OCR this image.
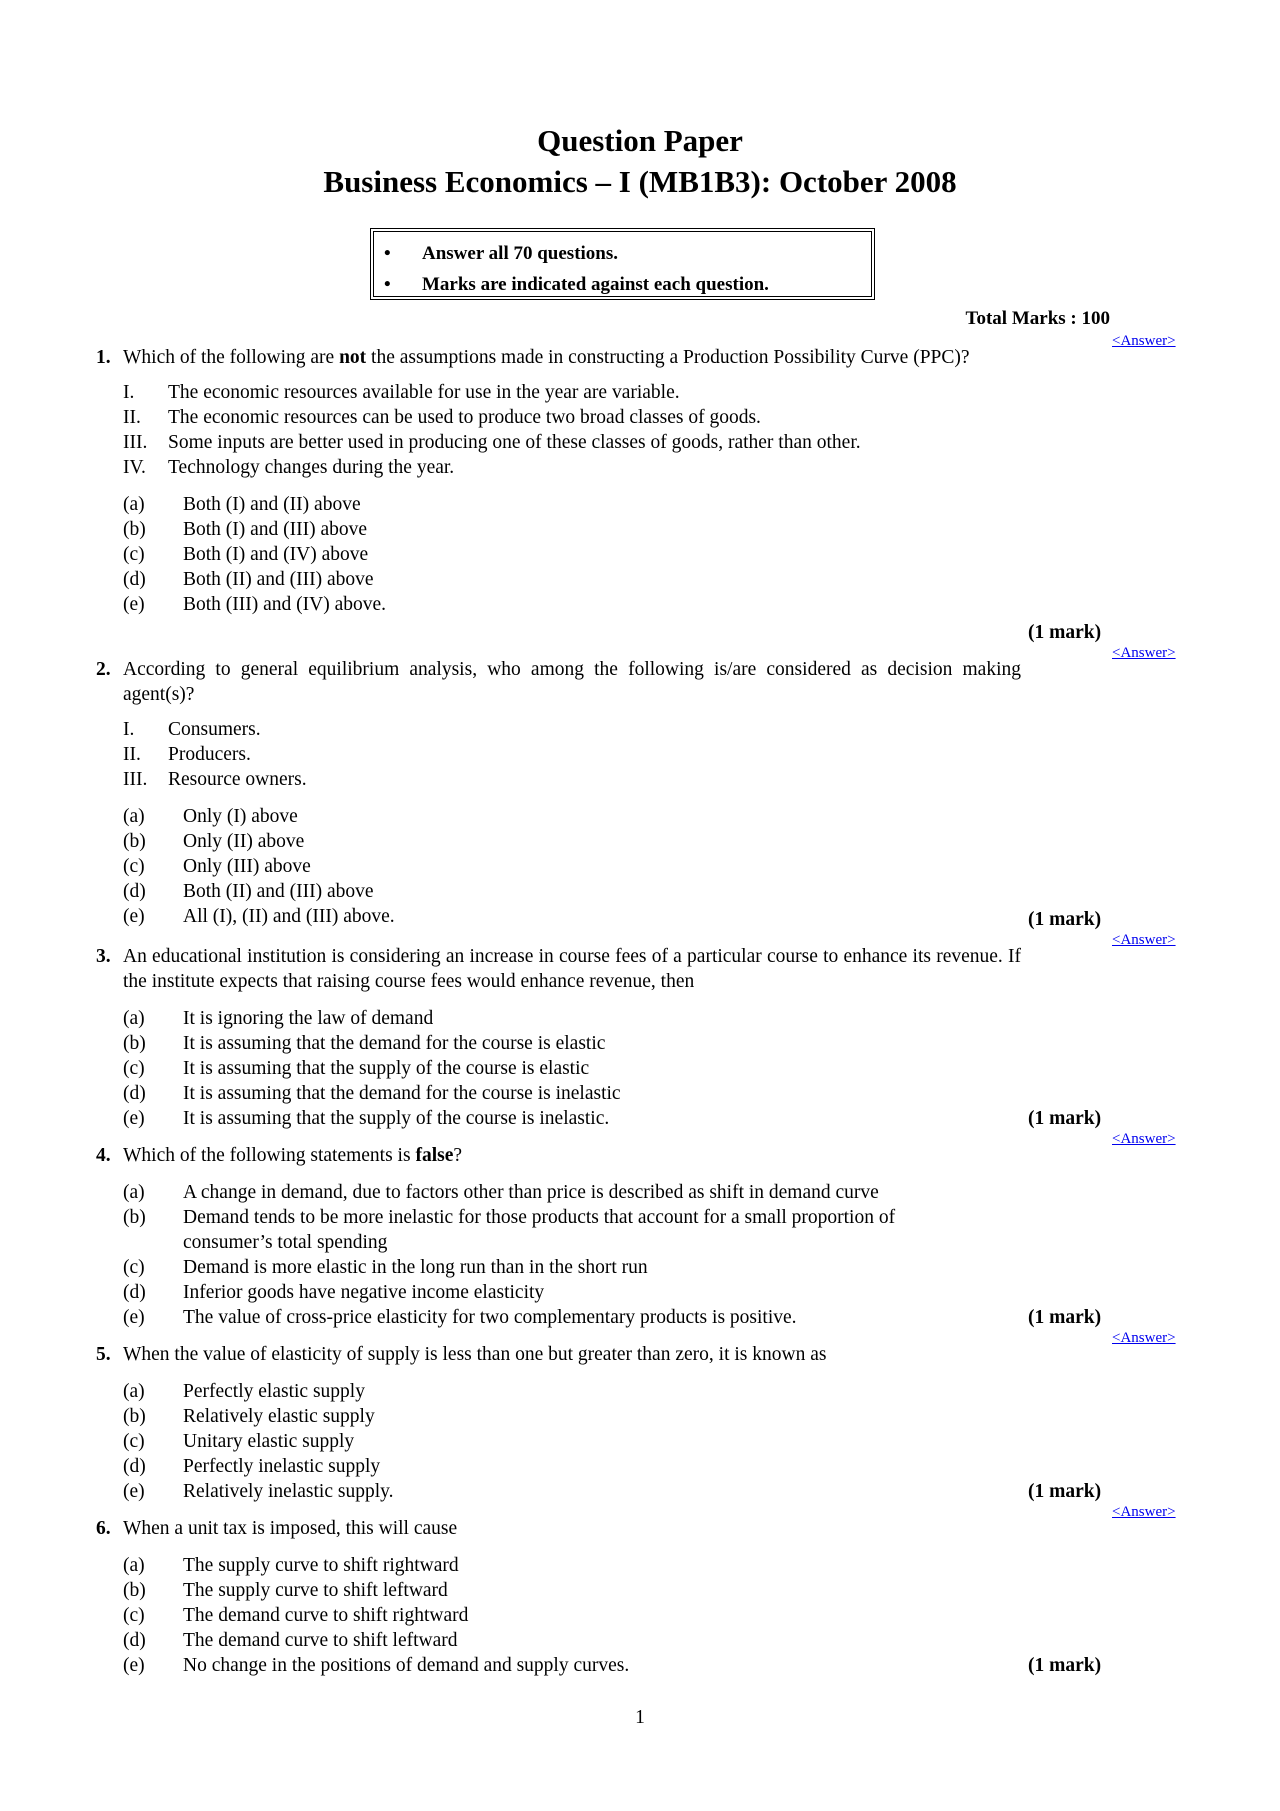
Question Paper
Business Economics – I (MB1B3): October 2008
•	Answer all 70 questions.
•	Marks are indicated against each question.
Total Marks : 100
<Answer>
1. Which of the following are not the assumptions made in constructing a Production Possibility Curve (PPC)?
I.	The economic resources available for use in the year are variable.
II.	The economic resources can be used to produce two broad classes of goods.
III.	Some inputs are better used in producing one of these classes of goods, rather than other.
IV.	Technology changes during the year.
(a)	Both (I) and (II) above
(b)	Both (I) and (III) above
(c)	Both (I) and (IV) above
(d)	Both (II) and (III) above
(e)	Both (III) and (IV) above.
(1 mark)
<Answer>
2. According to general equilibrium analysis, who among the following is/are considered as decision making agent(s)?
I.	Consumers.
II.	Producers.
III.	Resource owners.
(a)	Only (I) above
(b)	Only (II) above
(c)	Only (III) above
(d)	Both (II) and (III) above
(e)	All (I), (II) and (III) above.	(1 mark)
<Answer>
3. An educational institution is considering an increase in course fees of a particular course to enhance its revenue. If the institute expects that raising course fees would enhance revenue, then
(a)	It is ignoring the law of demand
(b)	It is assuming that the demand for the course is elastic
(c)	It is assuming that the supply of the course is elastic
(d)	It is assuming that the demand for the course is inelastic
(e)	It is assuming that the supply of the course is inelastic.	(1 mark)
<Answer>
4. Which of the following statements is false?
(a)	A change in demand, due to factors other than price is described as shift in demand curve
(b)	Demand tends to be more inelastic for those products that account for a small proportion of consumer’s total spending
(c)	Demand is more elastic in the long run than in the short run
(d)	Inferior goods have negative income elasticity
(e)	The value of cross-price elasticity for two complementary products is positive.	(1 mark)
<Answer>
5. When the value of elasticity of supply is less than one but greater than zero, it is known as
(a)	Perfectly elastic supply
(b)	Relatively elastic supply
(c)	Unitary elastic supply
(d)	Perfectly inelastic supply
(e)	Relatively inelastic supply.	(1 mark)
<Answer>
6. When a unit tax is imposed, this will cause
(a)	The supply curve to shift rightward
(b)	The supply curve to shift leftward
(c)	The demand curve to shift rightward
(d)	The demand curve to shift leftward
(e)	No change in the positions of demand and supply curves.	(1 mark)
1
